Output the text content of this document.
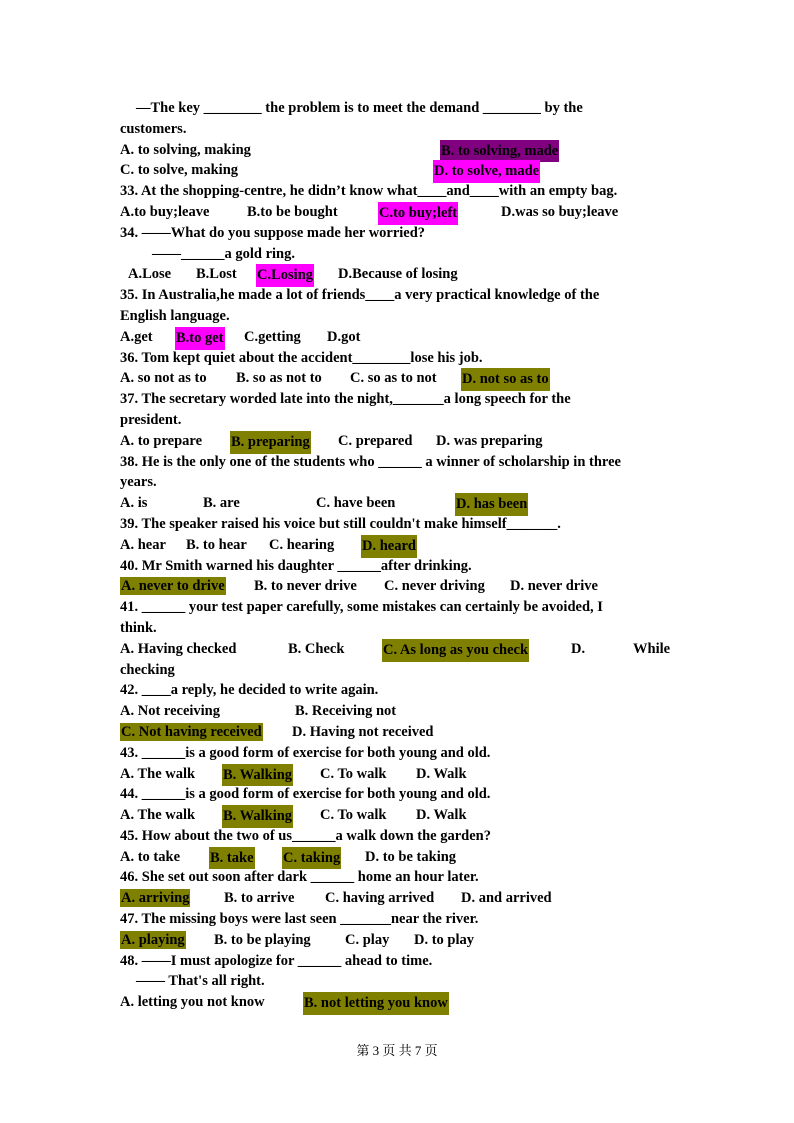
—The key ________ the problem is to meet the demand ________ by the
customers.
A. to solving, making	B. to solving, made
C. to solve, making	D. to solve, made
33. At the shopping-centre, he didn’t know what____and____with an empty bag.
A.to buy;leave	B.to be bought	C.to buy;left	D.was so buy;leave
34. ——What do you suppose made her worried?
——______a gold ring.
A.Lose B.Lost C.Losing D.Because of losing
35. In Australia,he made a lot of friends____a very practical knowledge of the
English language.
A.get B.to get C.getting D.got
36. Tom kept quiet about the accident________lose his job.
A. so not as to B. so as not to C. so as to not D. not so as to
37. The secretary worded late into the night,_______a long speech for the
president.
A. to prepare B. preparing C. prepared D. was preparing
38. He is the only one of the students who ______ a winner of scholarship in three
years.
A. is	B. are	C. have been	D. has been
39. The speaker raised his voice but still couldn't make himself_______.
A. hear B. to hear C. hearing D. heard
40. Mr Smith warned his daughter ______after drinking.
A. never to drive B. to never drive C. never driving D. never drive
41. ______ your test paper carefully, some mistakes can certainly be avoided, I
think.
A. Having checked	B. Check	C. As long as you check	D.	While
checking
42. ____a reply, he decided to write again.
A. Not receiving	B. Receiving not
C. Not having received D. Having not received
43. ______is a good form of exercise for both young and old.
A. The walk B. Walking C. To walk D. Walk
44. ______is a good form of exercise for both young and old.
A. The walk B. Walking C. To walk D. Walk
45. How about the two of us______a walk down the garden?
A. to take B. take C. taking D. to be taking
46. She set out soon after dark ______ home an hour later.
A. arriving B. to arrive C. having arrived D. and arrived
47. The missing boys were last seen _______near the river.
A. playing B. to be playing C. play D. to play
48. ——I must apologize for ______ ahead to time.
—— That's all right.
A. letting you not know	B. not letting you know
第 3 页 共 7 页
